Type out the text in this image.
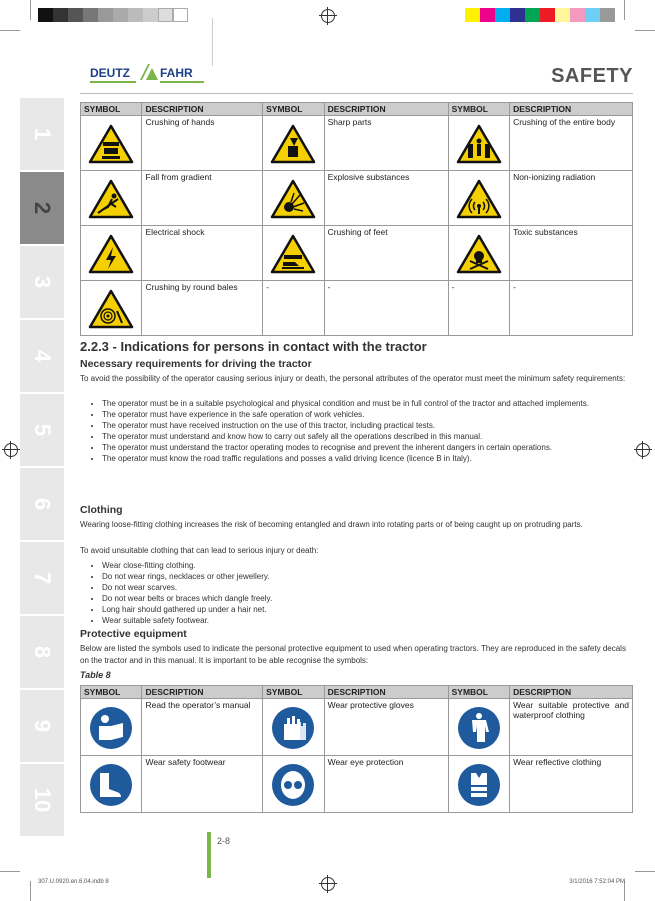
1
2
3
4
5
6
7
8
9
10
DEUTZ	FAHR	SAFETY
SYMBOL	DESCRIPTION	SYMBOL	DESCRIPTION	SYMBOL	DESCRIPTION

	Crushing of hands		Sharp parts		Crushing of the entire body

	Fall from gradient		Explosive substances		Non-ionizing radiation

	Electrical shock		Crushing of feet		Toxic substances

	Crushing by round bales	-	-	-	-
2.2.3 - Indications for persons in contact with the tractor
Necessary requirements for driving the tractor
To avoid the possibility of the operator causing serious injury or death, the personal attributes of the operator must meet the minimum safety requirements:
• The operator must be in a suitable psychological and physical condition and must be in full control of the tractor and attached implements.
• The operator must have experience in the safe operation of work vehicles.
• The operator must have received instruction on the use of this tractor, including practical tests.
• The operator must understand and know how to carry out safely all the operations described in this manual.
• The operator must understand the tractor operating modes to recognise and prevent the inherent dangers in certain operations.
• The operator must know the road traffic regulations and posses a valid driving licence (licence B in Italy).
Clothing
Wearing loose-fitting clothing increases the risk of becoming entangled and drawn into rotating parts or of being caught up on protruding parts.
To avoid unsuitable clothing that can lead to serious injury or death:
• Wear close-fitting clothing.
• Do not wear rings, necklaces or other jewellery.
• Do not wear scarves.
• Do not wear belts or braces which dangle freely.
• Long hair should gathered up under a hair net.
• Wear suitable safety footwear.
Protective equipment
Below are listed the symbols used to indicate the personal protective equipment to used when operating tractors. They are reproduced in the safety decals on the tractor and in this manual. It is important to be able recognise the symbols:
Table 8
SYMBOL	DESCRIPTION	SYMBOL	DESCRIPTION	SYMBOL	DESCRIPTION

	Read the operator’s manual		Wear protective gloves		Wear suitable protective and waterproof clothing

	Wear safety footwear		Wear eye protection		Wear reflective clothing
2-8
307.U.0920.en.6.04.indb 8	3/1/2016 7:52:04 PM
